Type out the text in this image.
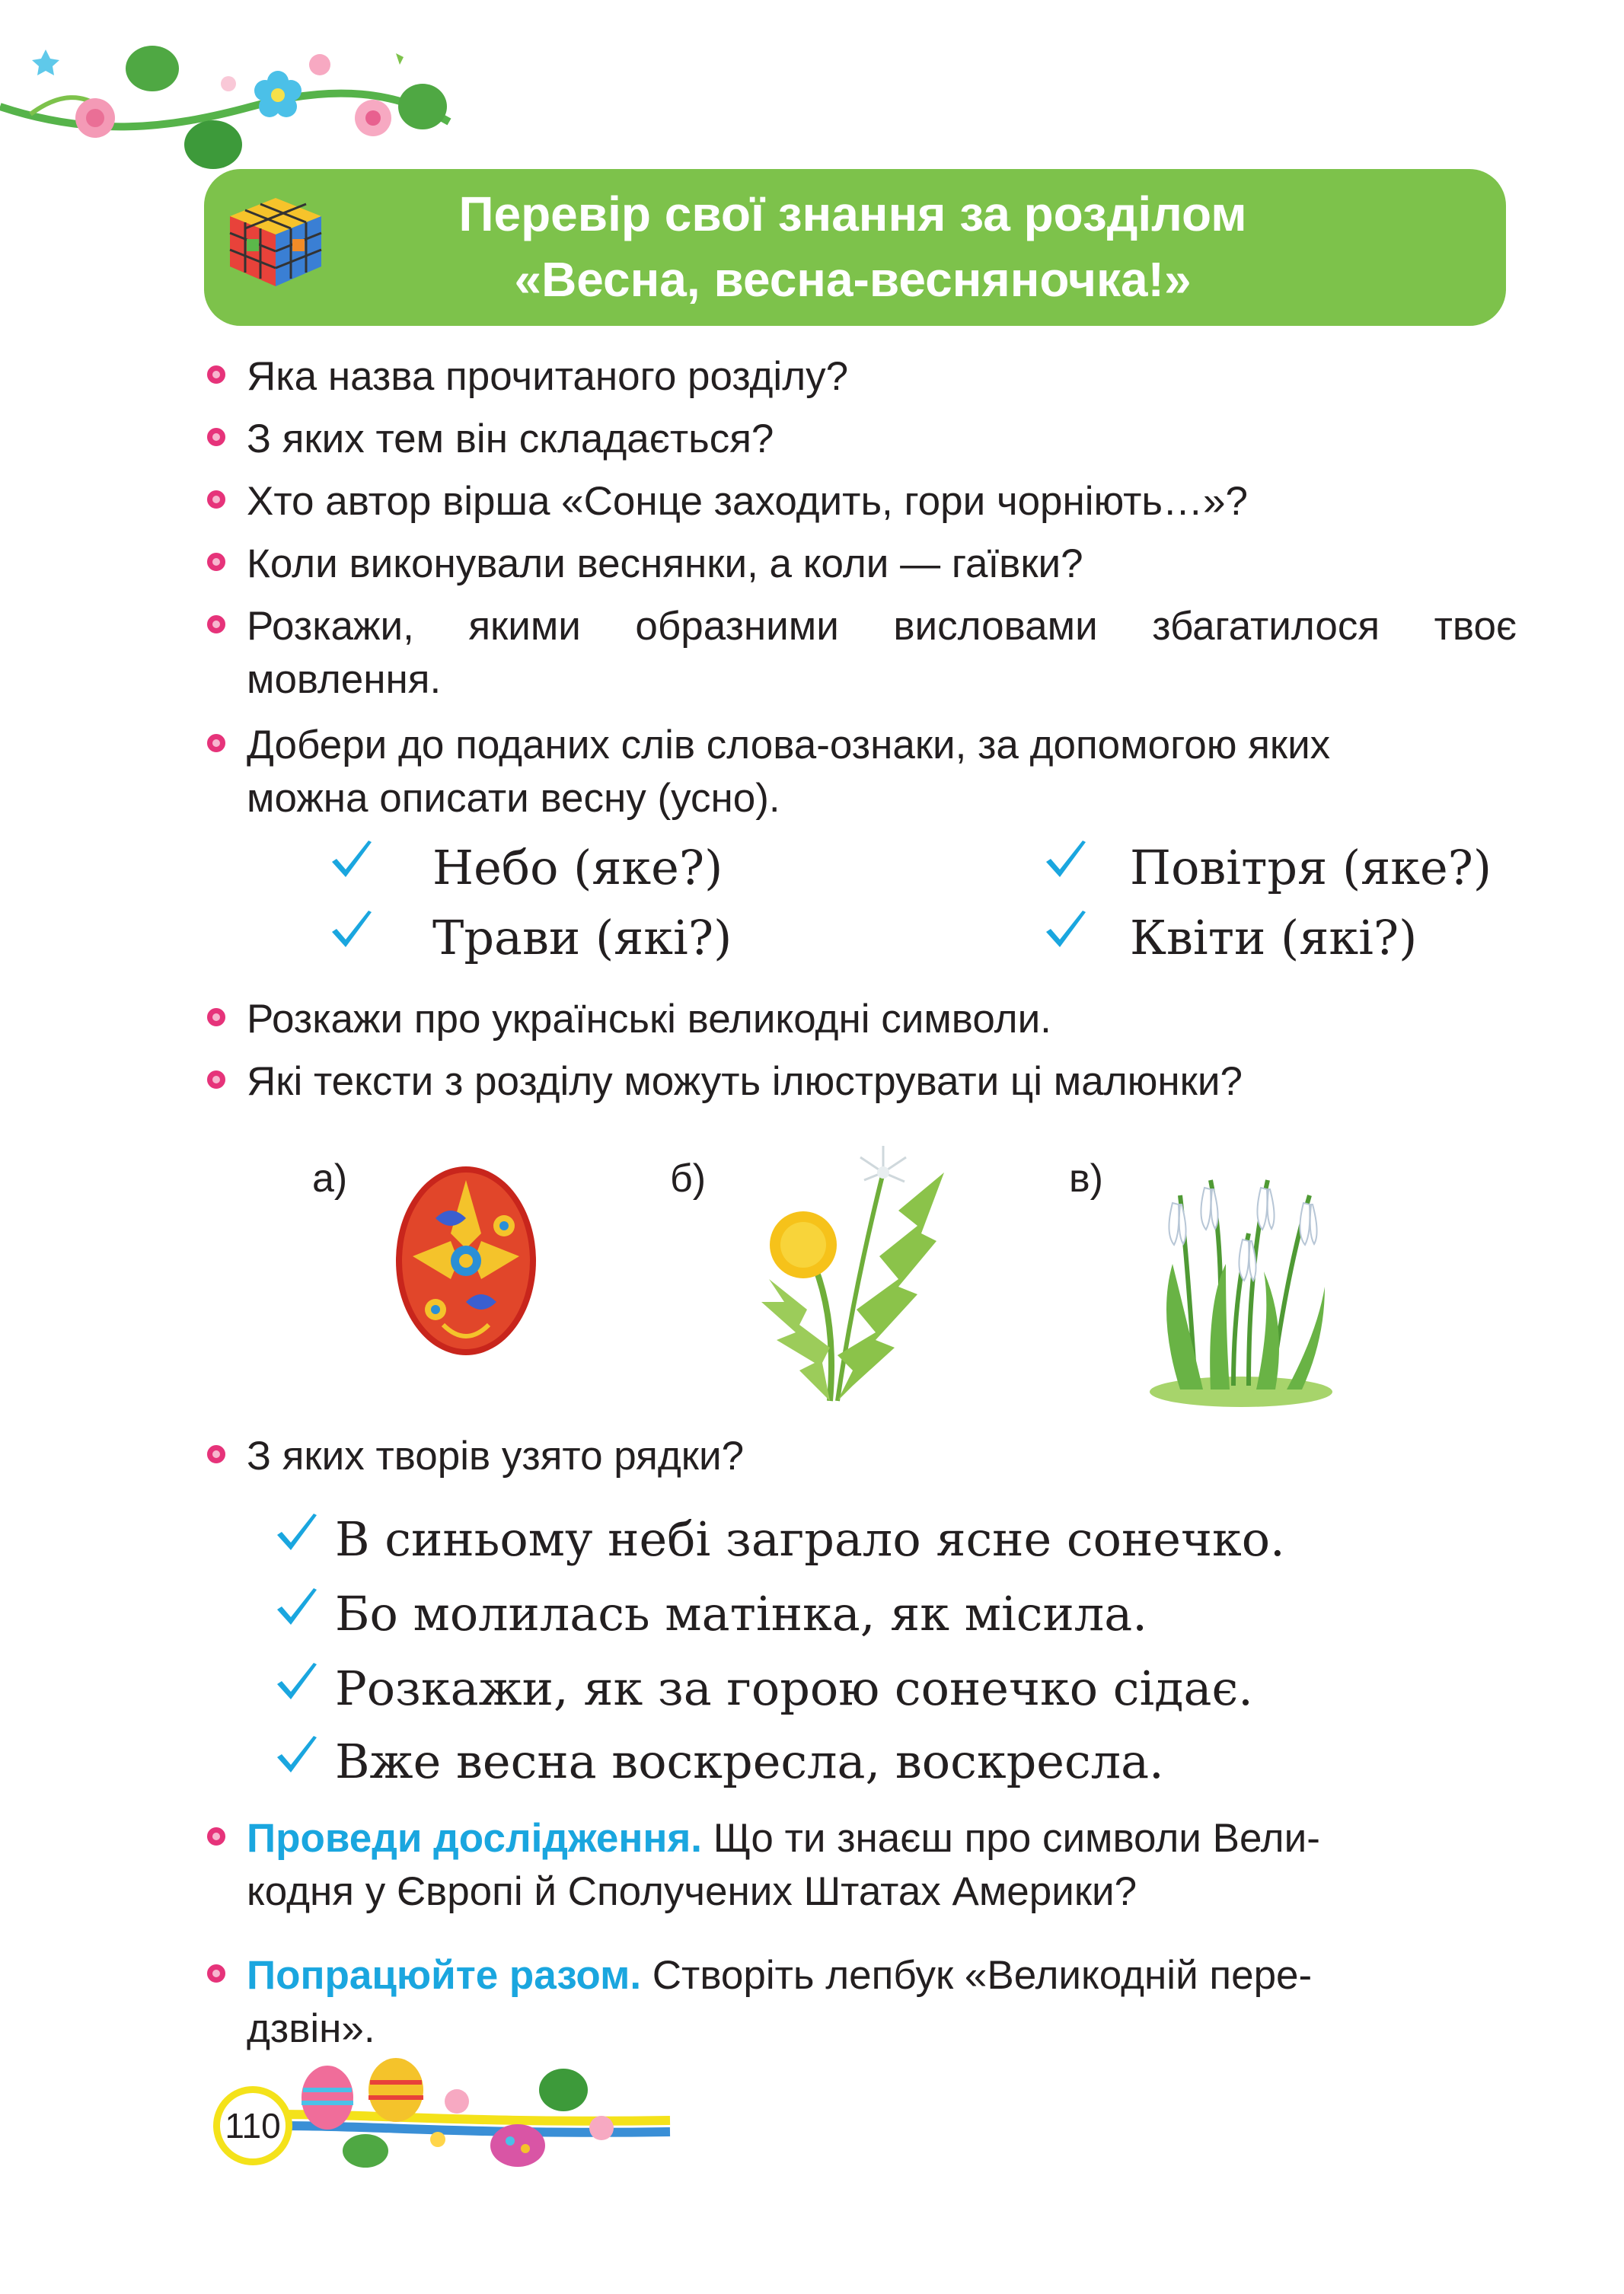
Перевір свої знання за розділом
«Весна, весна-весняночка!»
Яка назва прочитаного розділу?
З яких тем він складається?
Хто автор вірша «Сонце заходить, гори чорніють…»?
Коли виконували веснянки, а коли — гаївки?
Розкажи, якими образними висловами збагатилося твоє
мовлення.
Добери до поданих слів слова-ознаки, за допомогою яких
можна описати весну (усно).
Небо (яке?)
Трави (які?)
Повітря (яке?)
Квіти (які?)
Розкажи про українські великодні символи.
Які тексти з розділу можуть ілюструвати ці малюнки?
а)	б)	в)
З яких творів узято рядки?
В синьому небі заграло ясне сонечко.
Бо молилась матінка, як місила.
Розкажи, як за горою сонечко сідає.
Вже весна воскресла, воскресла.
Проведи дослідження. Що ти знаєш про символи Вели-
кодня у Європі й Сполучених Штатах Америки?
Попрацюйте разом. Створіть лепбук «Великодній пере-
дзвін».
110
